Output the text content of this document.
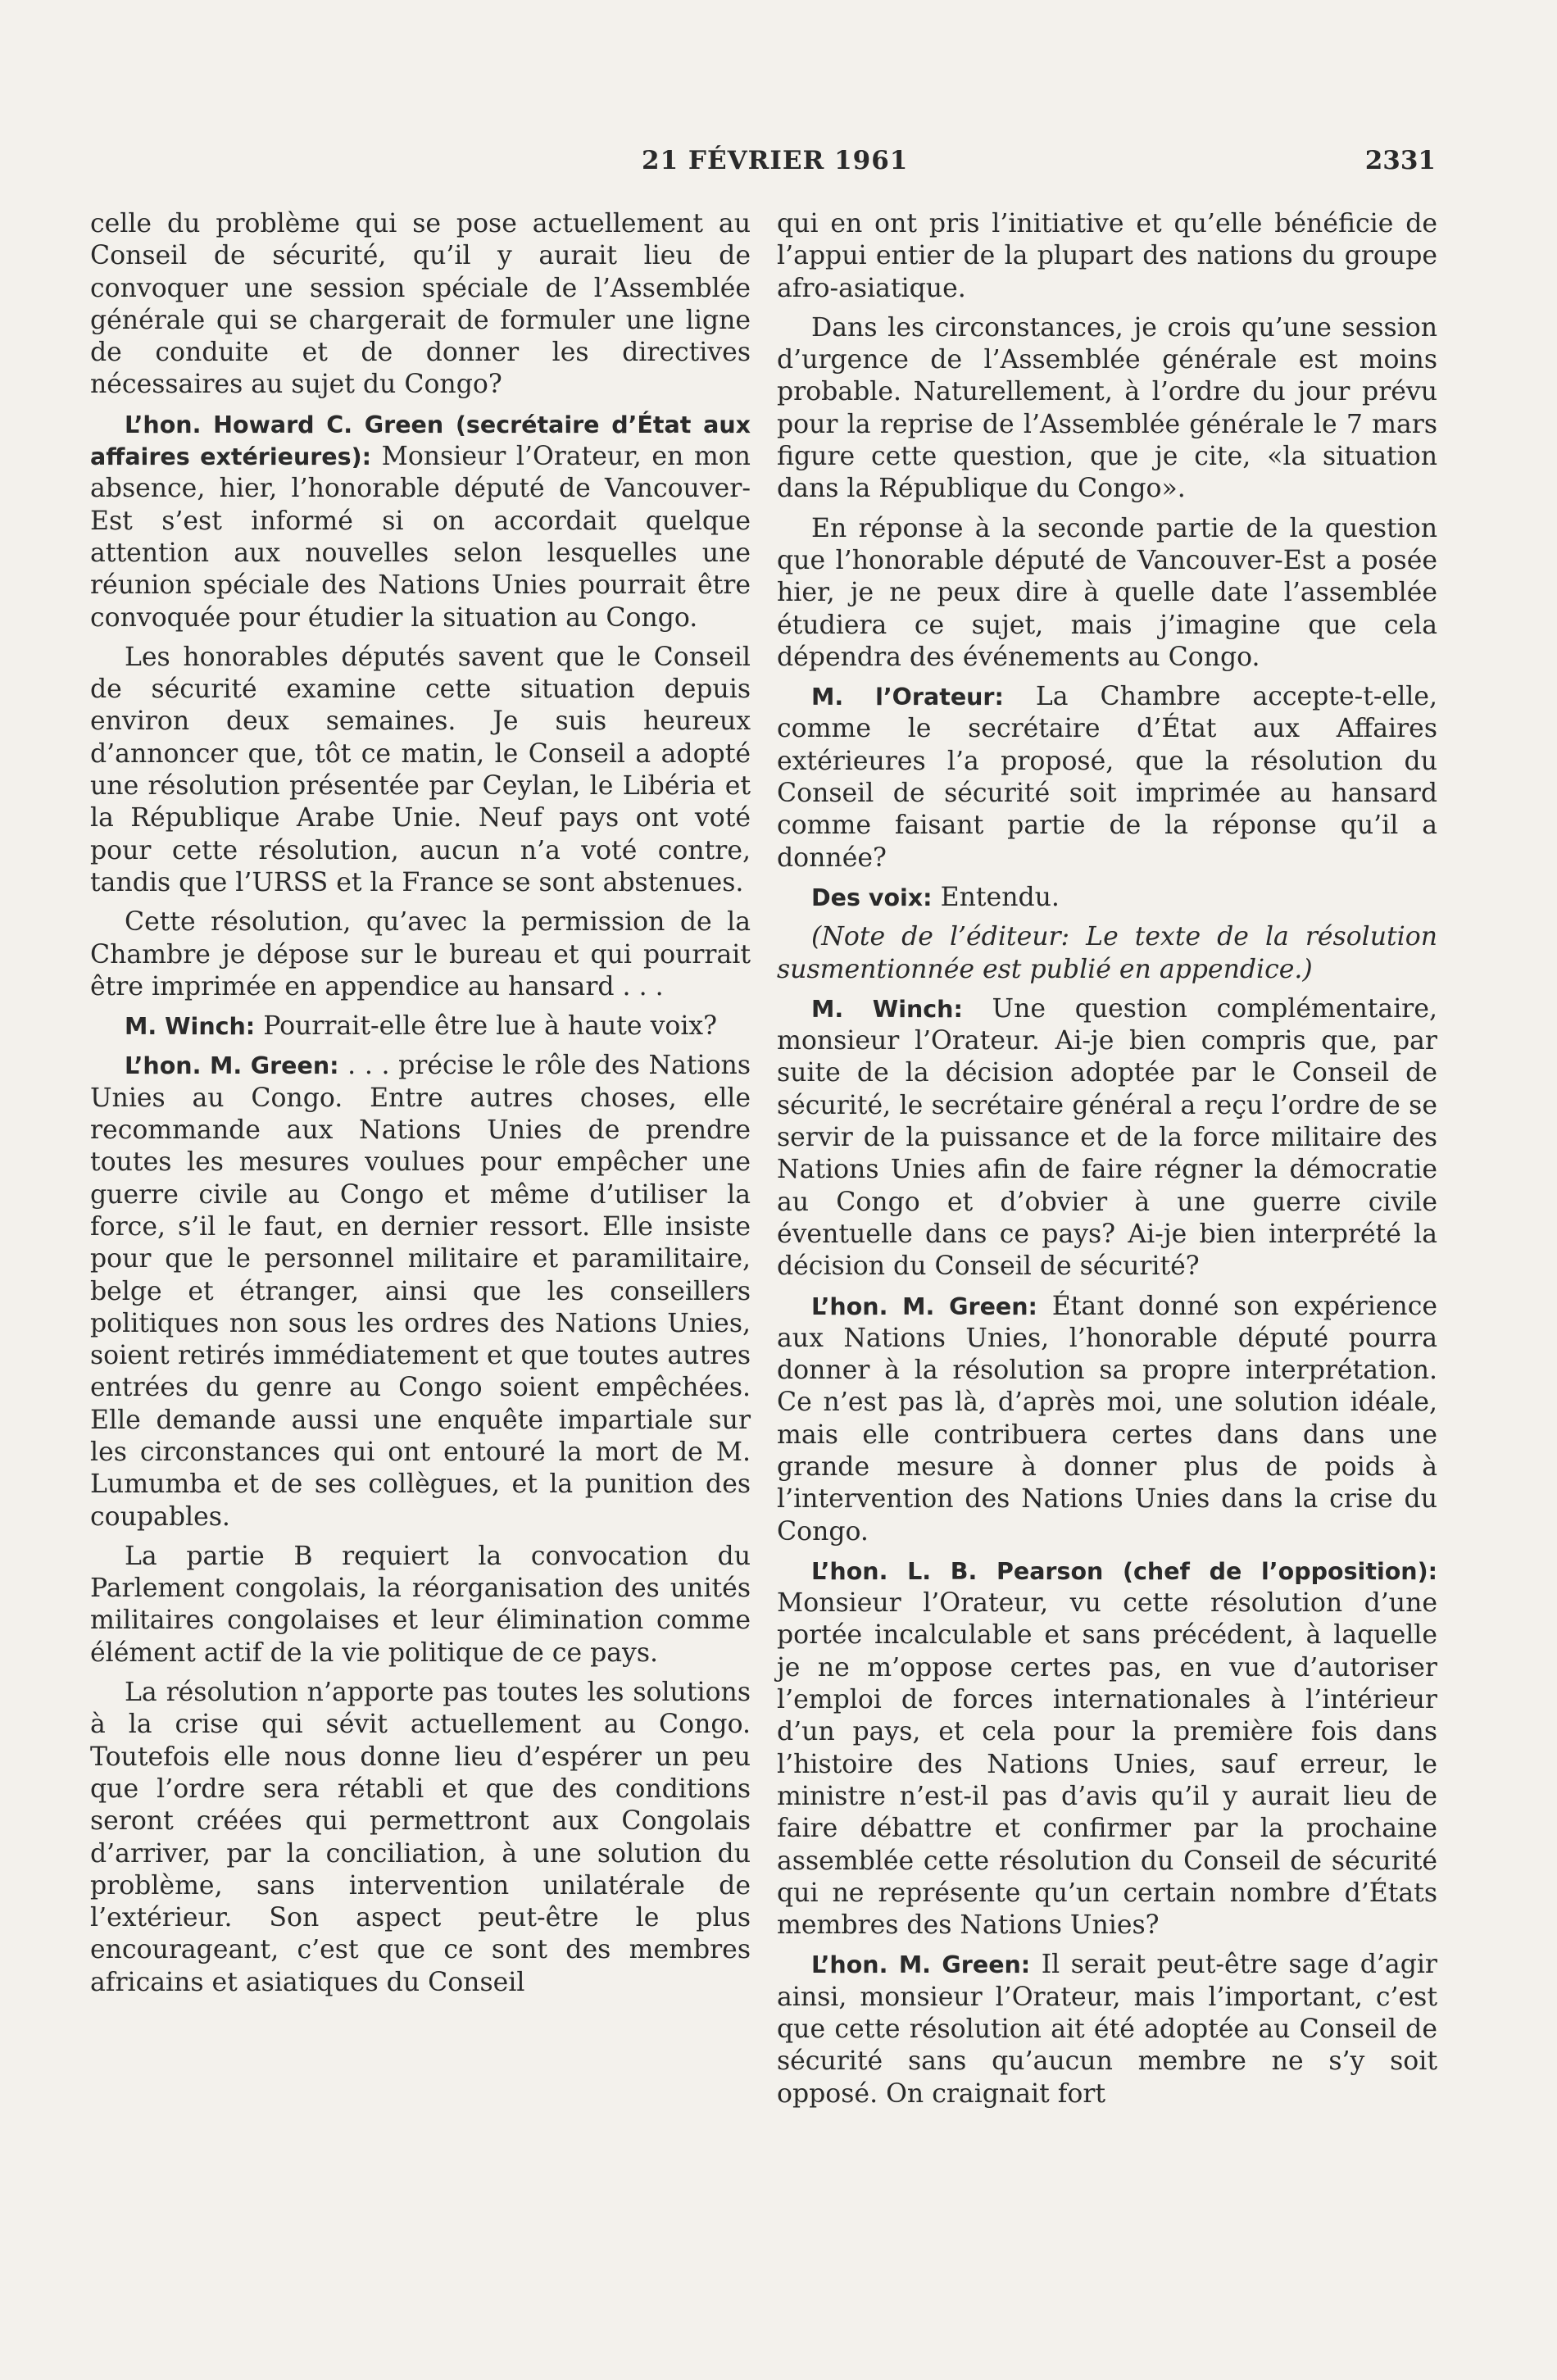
21 FÉVRIER 1961	2331

celle du problème qui se pose actuellement au Conseil de sécurité, qu’il y aurait lieu de convoquer une session spéciale de l’Assemblée générale qui se chargerait de formuler une ligne de conduite et de donner les directives nécessaires au sujet du Congo?

L’hon. Howard C. Green (secrétaire d’État aux affaires extérieures): Monsieur l’Orateur, en mon absence, hier, l’honorable député de Vancouver-Est s’est informé si on accordait quelque attention aux nouvelles selon lesquelles une réunion spéciale des Nations Unies pourrait être convoquée pour étudier la situation au Congo.

Les honorables députés savent que le Conseil de sécurité examine cette situation depuis environ deux semaines. Je suis heureux d’annoncer que, tôt ce matin, le Conseil a adopté une résolution présentée par Ceylan, le Libéria et la République Arabe Unie. Neuf pays ont voté pour cette résolution, aucun n’a voté contre, tandis que l’URSS et la France se sont abstenues.

Cette résolution, qu’avec la permission de la Chambre je dépose sur le bureau et qui pourrait être imprimée en appendice au hansard . . .

M. Winch: Pourrait-elle être lue à haute voix?

L’hon. M. Green: . . . précise le rôle des Nations Unies au Congo. Entre autres choses, elle recommande aux Nations Unies de prendre toutes les mesures voulues pour empêcher une guerre civile au Congo et même d’utiliser la force, s’il le faut, en dernier ressort. Elle insiste pour que le personnel militaire et paramilitaire, belge et étranger, ainsi que les conseillers politiques non sous les ordres des Nations Unies, soient retirés immédiatement et que toutes autres entrées du genre au Congo soient empêchées. Elle demande aussi une enquête impartiale sur les circonstances qui ont entouré la mort de M. Lumumba et de ses collègues, et la punition des coupables.

La partie B requiert la convocation du Parlement congolais, la réorganisation des unités militaires congolaises et leur élimination comme élément actif de la vie politique de ce pays.

La résolution n’apporte pas toutes les solutions à la crise qui sévit actuellement au Congo. Toutefois elle nous donne lieu d’espérer un peu que l’ordre sera rétabli et que des conditions seront créées qui permettront aux Congolais d’arriver, par la conciliation, à une solution du problème, sans intervention unilatérale de l’extérieur. Son aspect peut-être le plus encourageant, c’est que ce sont des membres africains et asiatiques du Conseil

qui en ont pris l’initiative et qu’elle bénéficie de l’appui entier de la plupart des nations du groupe afro-asiatique.

Dans les circonstances, je crois qu’une session d’urgence de l’Assemblée générale est moins probable. Naturellement, à l’ordre du jour prévu pour la reprise de l’Assemblée générale le 7 mars figure cette question, que je cite, «la situation dans la République du Congo».

En réponse à la seconde partie de la question que l’honorable député de Vancouver-Est a posée hier, je ne peux dire à quelle date l’assemblée étudiera ce sujet, mais j’imagine que cela dépendra des événements au Congo.

M. l’Orateur: La Chambre accepte-t-elle, comme le secrétaire d’État aux Affaires extérieures l’a proposé, que la résolution du Conseil de sécurité soit imprimée au hansard comme faisant partie de la réponse qu’il a donnée?

Des voix: Entendu.

(Note de l’éditeur: Le texte de la résolution susmentionnée est publié en appendice.)

M. Winch: Une question complémentaire, monsieur l’Orateur. Ai-je bien compris que, par suite de la décision adoptée par le Conseil de sécurité, le secrétaire général a reçu l’ordre de se servir de la puissance et de la force militaire des Nations Unies afin de faire régner la démocratie au Congo et d’obvier à une guerre civile éventuelle dans ce pays? Ai-je bien interprété la décision du Conseil de sécurité?

L’hon. M. Green: Étant donné son expérience aux Nations Unies, l’honorable député pourra donner à la résolution sa propre interprétation. Ce n’est pas là, d’après moi, une solution idéale, mais elle contribuera certes dans dans une grande mesure à donner plus de poids à l’intervention des Nations Unies dans la crise du Congo.

L’hon. L. B. Pearson (chef de l’opposition): Monsieur l’Orateur, vu cette résolution d’une portée incalculable et sans précédent, à laquelle je ne m’oppose certes pas, en vue d’autoriser l’emploi de forces internationales à l’intérieur d’un pays, et cela pour la première fois dans l’histoire des Nations Unies, sauf erreur, le ministre n’est-il pas d’avis qu’il y aurait lieu de faire débattre et confirmer par la prochaine assemblée cette résolution du Conseil de sécurité qui ne représente qu’un certain nombre d’États membres des Nations Unies?

L’hon. M. Green: Il serait peut-être sage d’agir ainsi, monsieur l’Orateur, mais l’important, c’est que cette résolution ait été adoptée au Conseil de sécurité sans qu’aucun membre ne s’y soit opposé. On craignait fort
